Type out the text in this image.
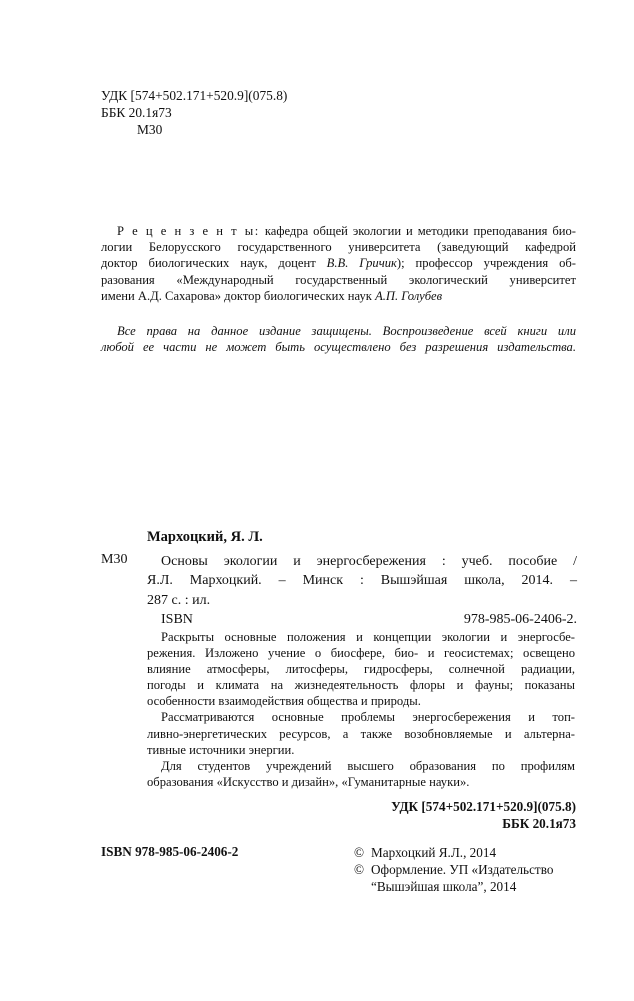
УДК [574+502.171+520.9](075.8)
ББК 20.1я73
М30
Р е ц е н з е н т ы: кафедра общей экологии и методики преподавания био-
логии Белорусского государственного университета (заведующий кафедрой
доктор биологических наук, доцент В.В. Гричик); профессор учреждения об-
разования «Международный государственный экологический университет
имени А.Д. Сахарова» доктор биологических наук А.П. Голубев
Все права на данное издание защищены. Воспроизведение всей книги или
любой ее части не может быть осуществлено без разрешения издательства.
Мархоцкий, Я. Л.
М30	Основы экологии и энергосбережения : учеб. пособие /
Я.Л. Мархоцкий. – Минск : Вышэйшая школа, 2014. –
287 с. : ил.
ISBN 978-985-06-2406-2.
Раскрыты основные положения и концепции экологии и энергосбе-
режения. Изложено учение о биосфере, био- и геосистемах; освещено
влияние атмосферы, литосферы, гидросферы, солнечной радиации,
погоды и климата на жизнедеятельность флоры и фауны; показаны
особенности взаимодействия общества и природы.
Рассматриваются основные проблемы энергосбережения и топ-
ливно-энергетических ресурсов, а также возобновляемые и альтерна-
тивные источники энергии.
Для студентов учреждений высшего образования по профилям
образования «Искусство и дизайн», «Гуманитарные науки».
УДК [574+502.171+520.9](075.8)
ББК 20.1я73
ISBN 978-985-06-2406-2	© Мархоцкий Я.Л., 2014
© Оформление. УП «Издательство
“Вышэйшая школа”, 2014
